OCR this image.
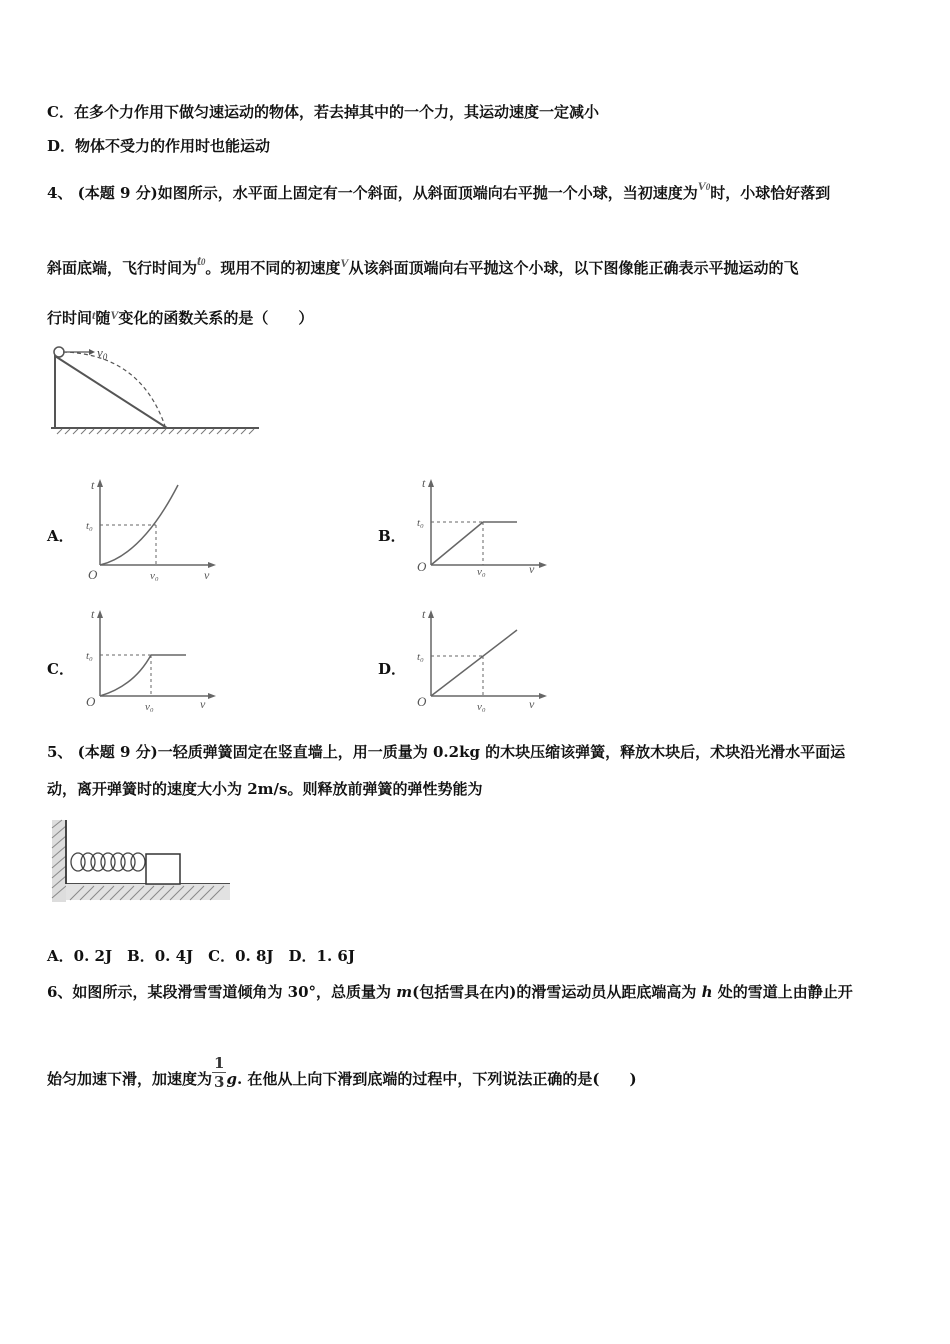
C．在多个力作用下做匀速运动的物体，若去掉其中的一个力，其运动速度一定减小
D．物体不受力的作用时也能运动
4、 (本题 9 分)如图所示，水平面上固定有一个斜面，从斜面顶端向右平抛一个小球，当初速度为$^{V0}$时，小球恰好落到
斜面底端，飞行时间为t0。现用不同的初速度$^V$从该斜面顶端向右平抛这个小球，以下图像能正确表示平抛运动的飞
行时间$^t$随$^V$变化的函数关系的是（　　）
$v_0$
A．
t
t₀
O	v₀	v
B．
t
t₀
O	v₀	v
C．
t
t₀
O	v₀	v
D．
t
t₀
O	v₀	v
5、 (本题 9 分)一轻质弹簧固定在竖直墙上，用一质量为 0.2kg 的木块压缩该弹簧，释放木块后，术块沿光滑水平面运
动，离开弹簧时的速度大小为 2m/s。则释放前弹簧的弹性势能为
A．0. 2J　B．0. 4J　C．0. 8J　D．1. 6J
6、如图所示，某段滑雪雪道倾角为 30°，总质量为 m(包括雪具在内)的滑雪运动员从距底端高为 h 处的雪道上由静止开
始匀加速下滑，加速度为 $\frac{1}{3} g$. 在他从上向下滑到底端的过程中，下列说法正确的是(　　)
